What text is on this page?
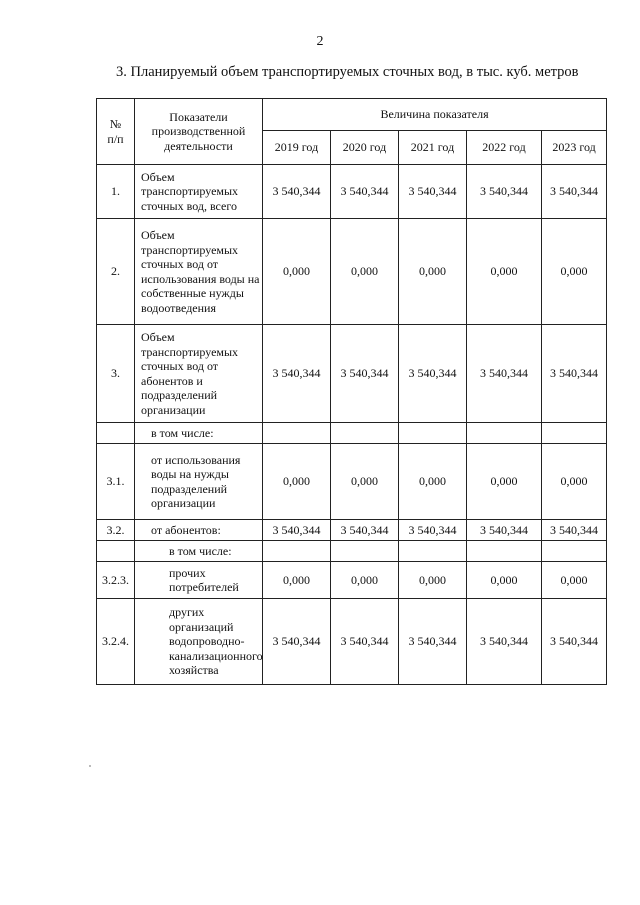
2
3. Планируемый объем транспортируемых сточных вод, в тыс. куб. метров
№ п/п	Показатели производственной деятельности	Величина показателя				
		2019 год	2020 год	2021 год	2022 год	2023 год
1.	Объем транспортируемых сточных вод, всего	3 540,344	3 540,344	3 540,344	3 540,344	3 540,344
2.	Объем транспортируемых сточных вод от использования воды на собственные нужды водоотведения	0,000	0,000	0,000	0,000	0,000
3.	Объем транспортируемых сточных вод от абонентов и подразделений организации	3 540,344	3 540,344	3 540,344	3 540,344	3 540,344
	в том числе:					
3.1.	от использования воды на нужды подразделений организации	0,000	0,000	0,000	0,000	0,000
3.2.	от абонентов:	3 540,344	3 540,344	3 540,344	3 540,344	3 540,344
	в том числе:					
3.2.3.	прочих потребителей	0,000	0,000	0,000	0,000	0,000
3.2.4.	других организаций водопроводно-канализационного хозяйства	3 540,344	3 540,344	3 540,344	3 540,344	3 540,344
